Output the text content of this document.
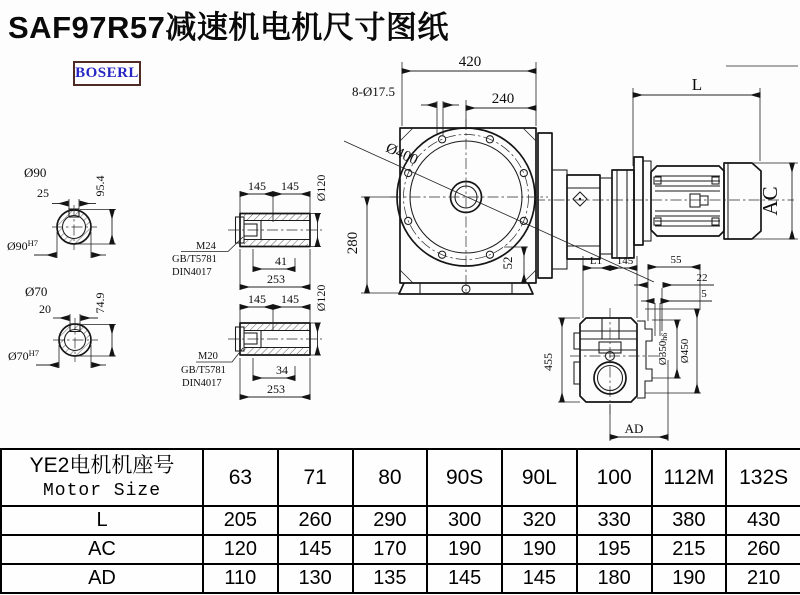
SAF97R57减速机电机尺寸图纸
BOSERL
Ø90
25	95.4
$Ø90^{H7}$
Ø70
20	74.9
$Ø70^{H7}$
145 145 Ø120
41
253
M24
GB/T5781
DIN4017
145 145 Ø120
34
253
M20
GB/T5781
DIN4017
Ø400
420
240
8-Ø17.5
280
52
L
AC
455	Ø350h6
Ø450
AD
L1 145	55
22
5
YE2电机机座号
Motor Size	63	71	80	90S	90L	100	112M	132S
L	205	260	290	300	320	330	380	430
AC	120	145	170	190	190	195	215	260
AD	110	130	135	145	145	180	190	210
